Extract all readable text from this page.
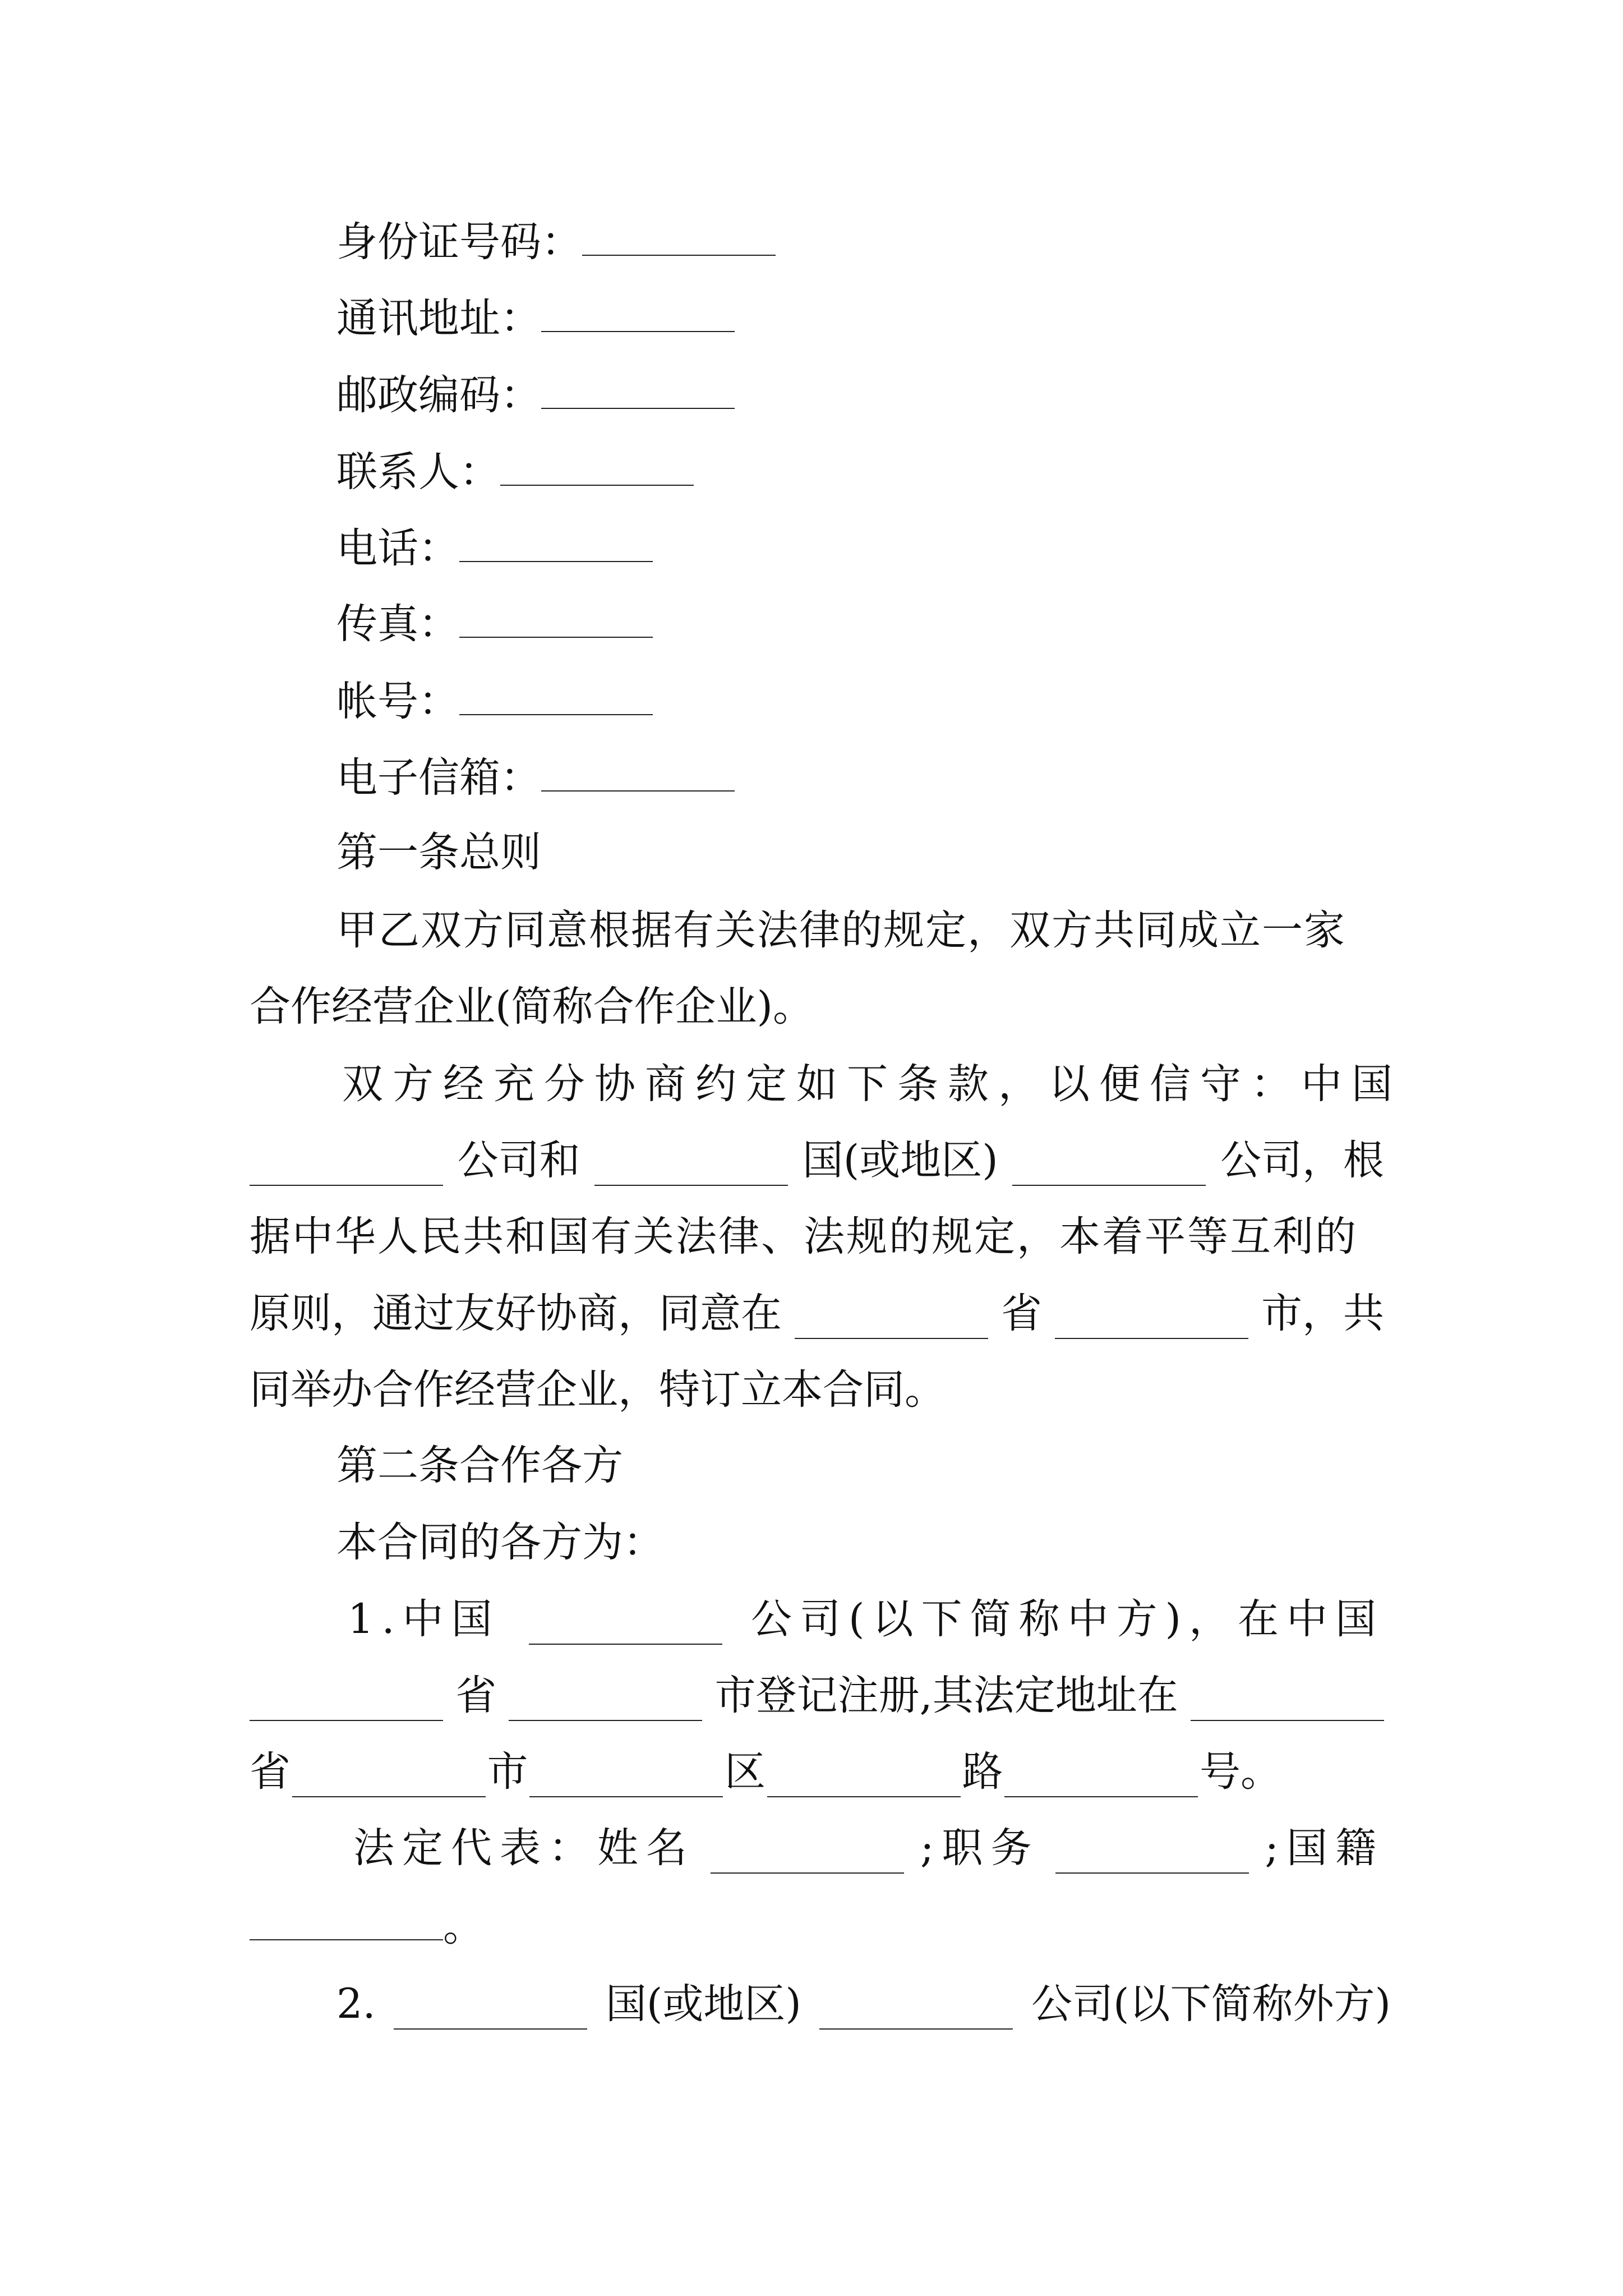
身份证号码：
通讯地址：
邮政编码：
联系人：
电话：
传真：
帐号：
电子信箱：
第一条总则
甲乙双方同意根据有关法律的规定，双方共同成立一家
合作经营企业(简称合作企业)。
双方经充分协商约定如下条款，以便信守：中国
公司和	国(或地区)	公司，根
据中华人民共和国有关法律、法规的规定，本着平等互利的
原则，通过友好协商，同意在	省	市，共
同举办合作经营企业，特订立本合同。
第二条合作各方
本合同的各方为：
1.中国	公司(以下简称中方)，在中国
省	市登记注册,其法定地址在
省	市	区	路	号。
法定代表：姓名	;职务	;国籍
。
2.	国(或地区)	公司(以下简称外方)
